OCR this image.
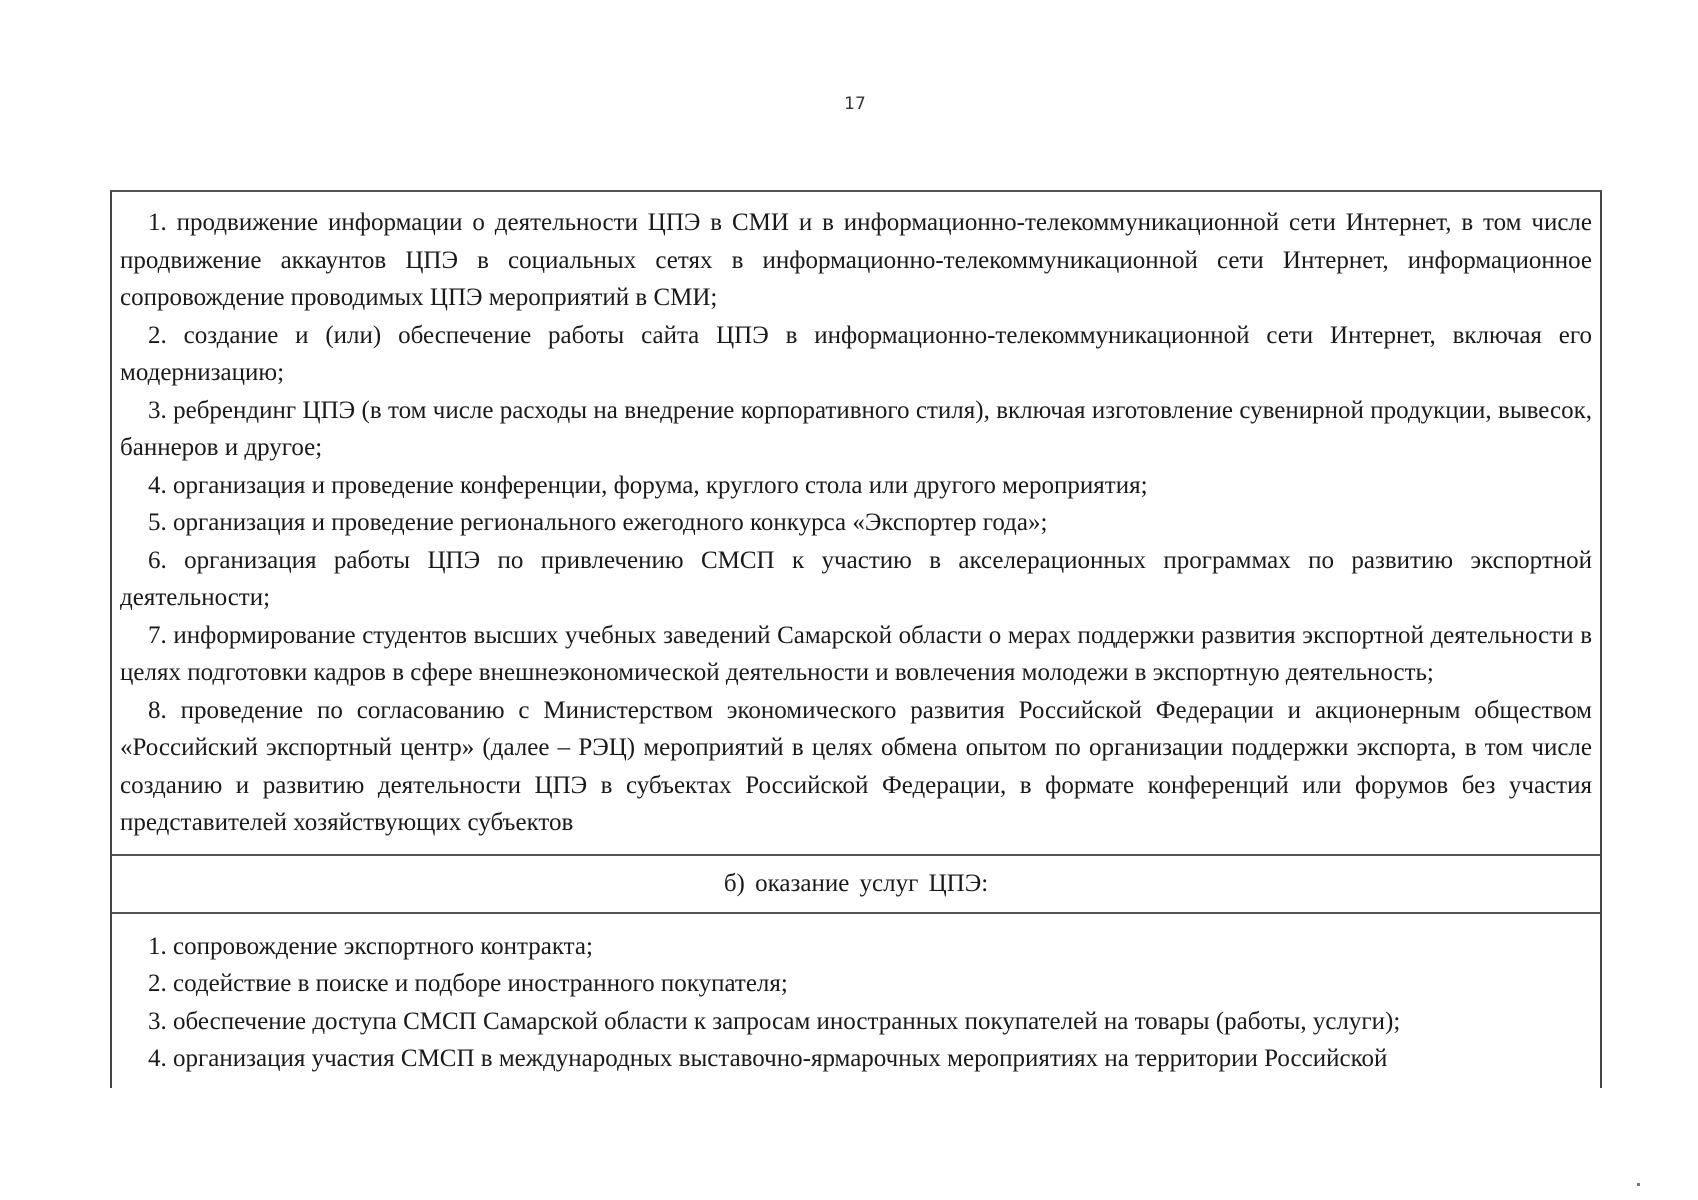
17

1. продвижение информации о деятельности ЦПЭ в СМИ и в информационно-телекоммуникационной сети Интернет, в том числе продвижение аккаунтов ЦПЭ в социальных сетях в информационно-телекоммуникационной сети Интернет, информационное сопровождение проводимых ЦПЭ мероприятий в СМИ;

2. создание и (или) обеспечение работы сайта ЦПЭ в информационно-телекоммуникационной сети Интернет, включая его модернизацию;

3. ребрендинг ЦПЭ (в том числе расходы на внедрение корпоративного стиля), включая изготовление сувенирной продукции, вывесок, баннеров и другое;

4. организация и проведение конференции, форума, круглого стола или другого мероприятия;

5. организация и проведение регионального ежегодного конкурса «Экспортер года»;

6. организация работы ЦПЭ по привлечению СМСП к участию в акселерационных программах по развитию экспортной деятельности;

7. информирование студентов высших учебных заведений Самарской области о мерах поддержки развития экспортной деятельности в целях подготовки кадров в сфере внешнеэкономической деятельности и вовлечения молодежи в экспортную деятельность;

8. проведение по согласованию с Министерством экономического развития Российской Федерации и акционерным обществом «Российский экспортный центр» (далее – РЭЦ) мероприятий в целях обмена опытом по организации поддержки экспорта, в том числе созданию и развитию деятельности ЦПЭ в субъектах Российской Федерации, в формате конференций или форумов без участия представителей хозяйствующих субъектов

б) оказание услуг ЦПЭ:

1. сопровождение экспортного контракта;

2. содействие в поиске и подборе иностранного покупателя;

3. обеспечение доступа СМСП Самарской области к запросам иностранных покупателей на товары (работы, услуги);

4. организация участия СМСП в международных выставочно-ярмарочных мероприятиях на территории Российской
